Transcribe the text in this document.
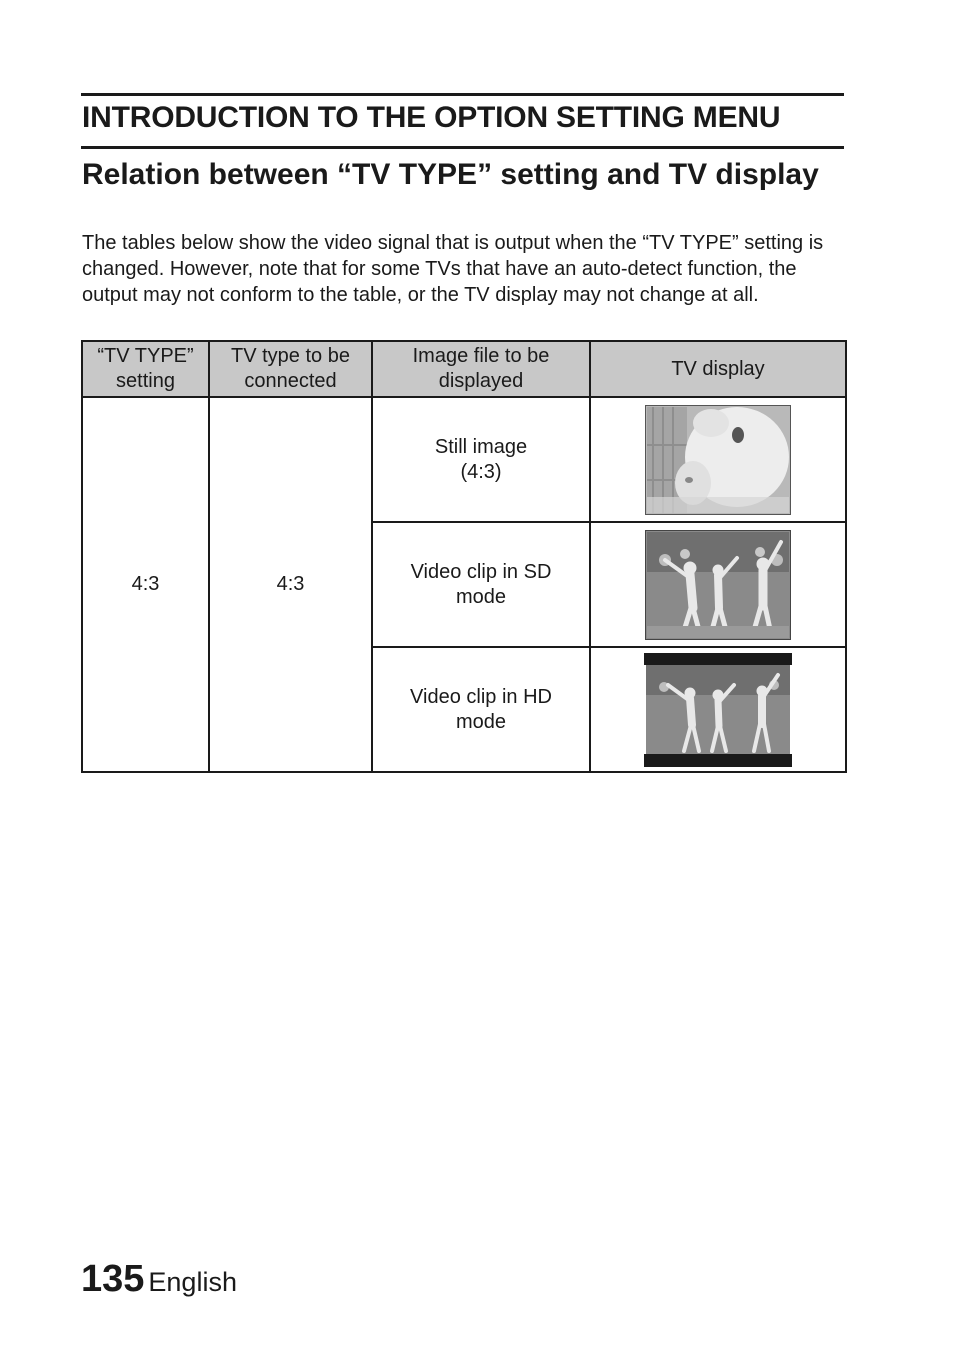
INTRODUCTION TO THE OPTION SETTING MENU
Relation between “TV TYPE” setting and TV display

The tables below show the video signal that is output when the “TV TYPE” setting is changed. However, note that for some TVs that have an auto-detect function, the output may not conform to the table, or the TV display may not change at all.

“TV TYPE” setting	TV type to be connected	Image file to be displayed	TV display
4:3	4:3	Still image (4:3)	

		Video clip in SD mode	

		Video clip in HD mode	
135 English
